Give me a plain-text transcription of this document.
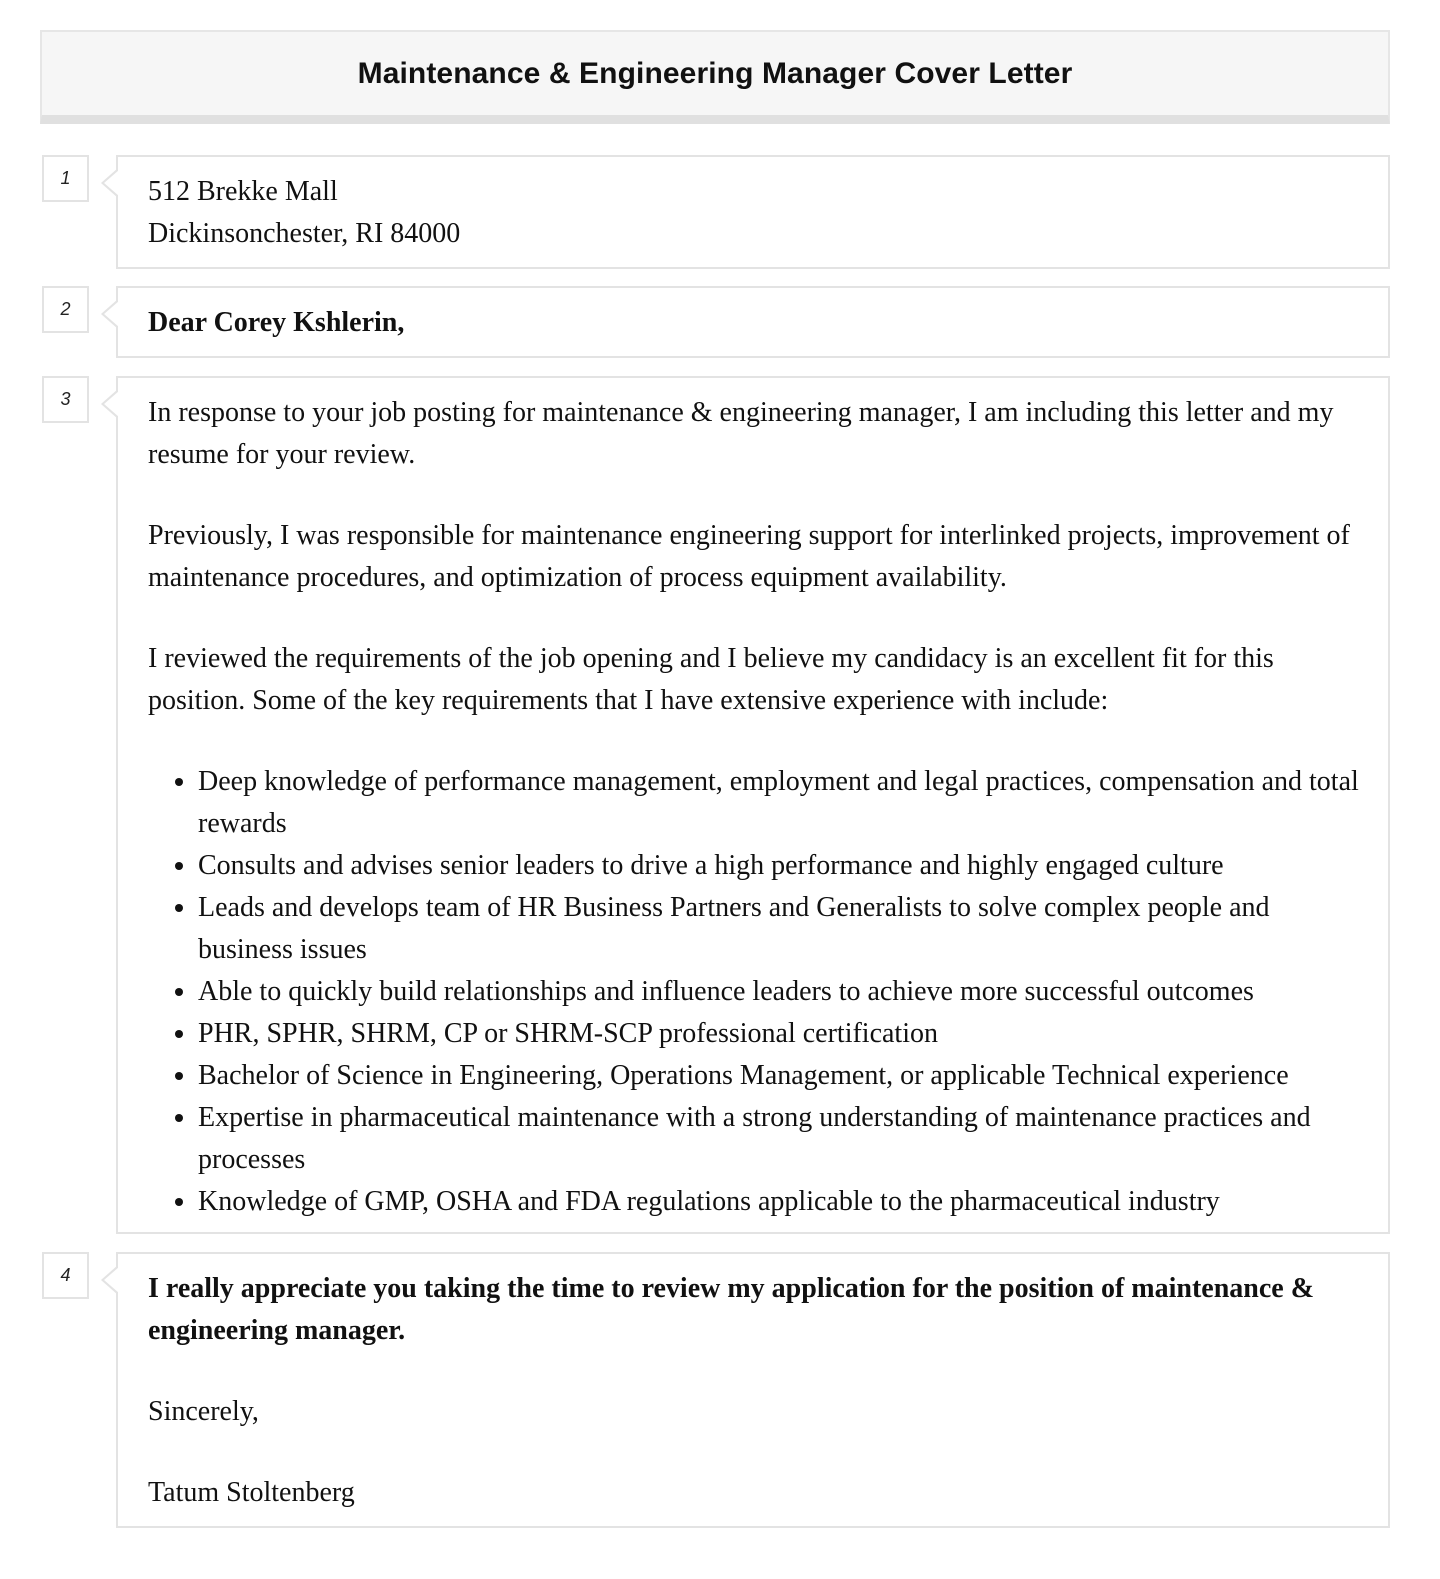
Maintenance & Engineering Manager Cover Letter
1	512 Brekke Mall
Dickinsonchester, RI 84000
2	Dear Corey Kshlerin,
3	In response to your job posting for maintenance & engineering manager, I am including this letter and my resume for your review.

Previously, I was responsible for maintenance engineering support for interlinked projects, improvement of maintenance procedures, and optimization of process equipment availability.

I reviewed the requirements of the job opening and I believe my candidacy is an excellent fit for this position. Some of the key requirements that I have extensive experience with include:

Deep knowledge of performance management, employment and legal practices, compensation and total rewards
Consults and advises senior leaders to drive a high performance and highly engaged culture
Leads and develops team of HR Business Partners and Generalists to solve complex people and business issues
Able to quickly build relationships and influence leaders to achieve more successful outcomes
PHR, SPHR, SHRM, CP or SHRM-SCP professional certification
Bachelor of Science in Engineering, Operations Management, or applicable Technical experience
Expertise in pharmaceutical maintenance with a strong understanding of maintenance practices and processes
Knowledge of GMP, OSHA and FDA regulations applicable to the pharmaceutical industry
4	I really appreciate you taking the time to review my application for the position of maintenance & engineering manager.

Sincerely,

Tatum Stoltenberg
